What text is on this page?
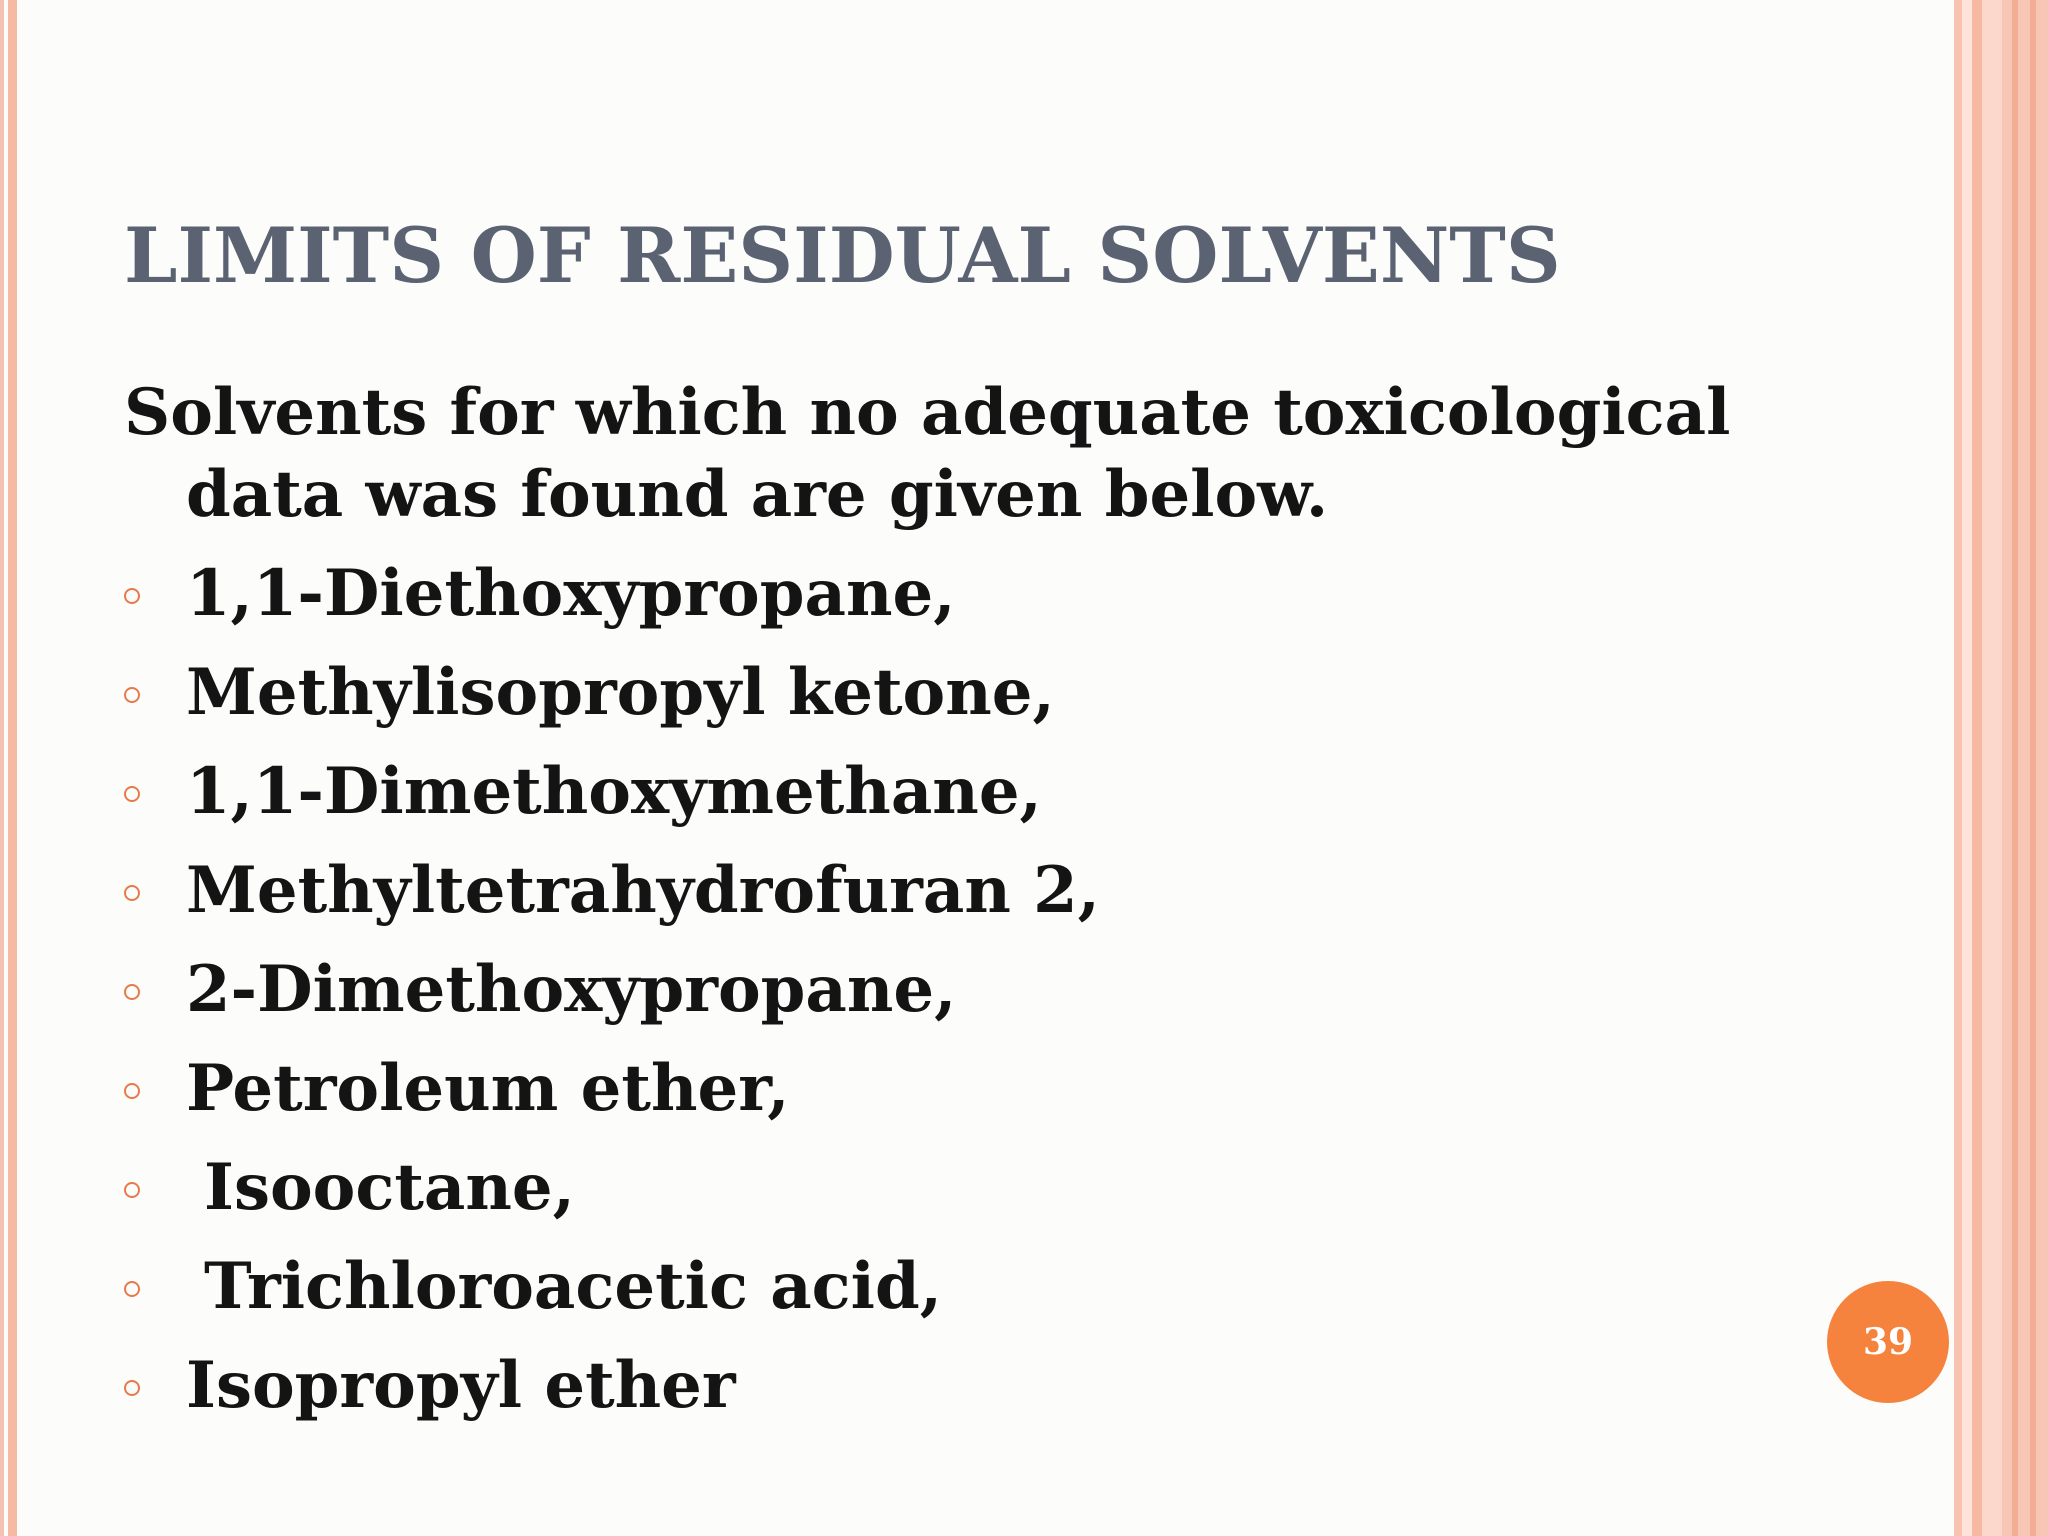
LIMITS OF RESIDUAL SOLVENTS

Solvents for which no adequate toxicological
data was found are given below.

1,1-Diethoxypropane,
Methylisopropyl ketone,
1,1-Dimethoxymethane,
Methyltetrahydrofuran 2,
2-Dimethoxypropane,
Petroleum ether,
Isooctane,
Trichloroacetic acid,
Isopropyl ether
39
